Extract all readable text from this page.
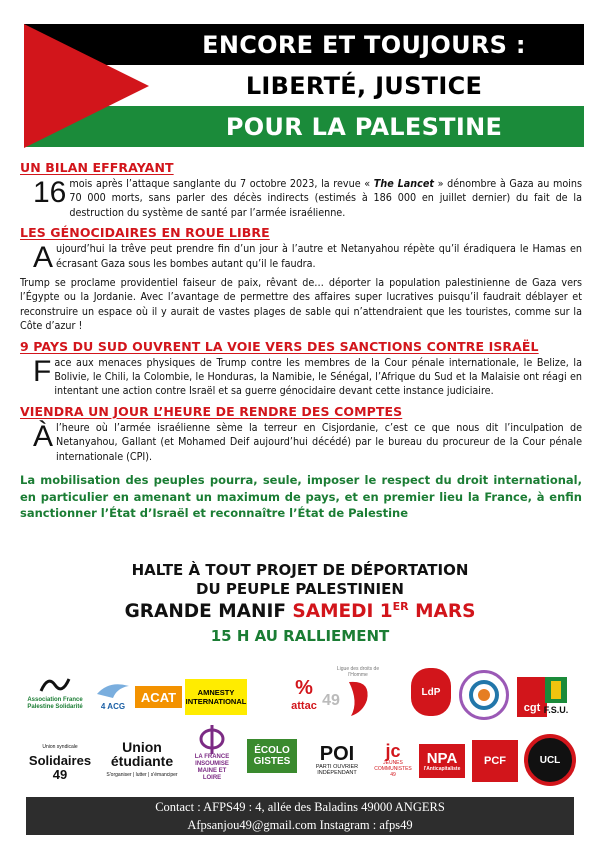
ENCORE ET TOUJOURS :
LIBERTÉ, JUSTICE
POUR LA PALESTINE
UN BILAN EFFRAYANT

16 mois après l’attaque sanglante du 7 octobre 2023, la revue « The Lancet » dénombre à Gaza au moins 70 000 morts, sans parler des décès indirects (estimés à 186 000 en juillet dernier) du fait de la destruction du système de santé par l’armée israélienne.

LES GÉNOCIDAIRES EN ROUE LIBRE

Aujourd’hui la trêve peut prendre fin d’un jour à l’autre et Netanyahou répète qu’il éradiquera le Hamas en écrasant Gaza sous les bombes autant qu’il le faudra.

Trump se proclame providentiel faiseur de paix, rêvant de… déporter la population palestinienne de Gaza vers l’Égypte ou la Jordanie. Avec l’avantage de permettre des affaires super lucratives puisqu’il faudrait déblayer et reconstruire un espace où il y aurait de vastes plages de sable qui n’attendraient que les touristes, comme sur la Côte d’azur !

9 PAYS DU SUD OUVRENT LA VOIE VERS DES SANCTIONS CONTRE ISRAËL

Face aux menaces physiques de Trump contre les membres de la Cour pénale internationale, le Belize, la Bolivie, le Chili, la Colombie, le Honduras, la Namibie, le Sénégal, l’Afrique du Sud et la Malaisie ont réagi en intentant une action contre Israël et sa guerre génocidaire devant cette instance judiciaire.

VIENDRA UN JOUR L’HEURE DE RENDRE DES COMPTES

Àl’heure où l’armée israélienne sème la terreur en Cisjordanie, c’est ce que nous dit l’inculpation de Netanyahou, Gallant (et Mohamed Deif aujourd’hui décédé) par le bureau du procureur de la Cour pénale internationale (CPI).

La mobilisation des peuples pourra, seule, imposer le respect du droit international, en particulier en amenant un maximum de pays, et en premier lieu la France, à enfin sanctionner l’État d’Israël et reconnaître l’État de Palestine
HALTE À TOUT PROJET DE DÉPORTATION
DU PEUPLE PALESTINIEN
GRANDE MANIF SAMEDI 1ER MARS
15 H AU RALLIEMENT
Association France Palestine Solidarité	4 ACG
ACAT	AMNESTY INTERNATIONAL
%
attac 49
Ligue des droits de l'Homme
LdP
cgt F.S.U.
Union syndicale
Solidaires 49
Union étudiante
S'organiser | lutter | s'émanciper
LA FRANCE INSOUMISE MAINE ET LOIRE
ÉCOLO GISTES	POI
PARTI OUVRIER INDÉPENDANT
jc
JEUNES COMMUNISTES 49
NPA
l'Anticapitaliste
PCF	UCL
Contact : AFPS49 : 4, allée des Baladins 49000 ANGERS
Afpsanjou49@gmail.com Instagram : afps49
